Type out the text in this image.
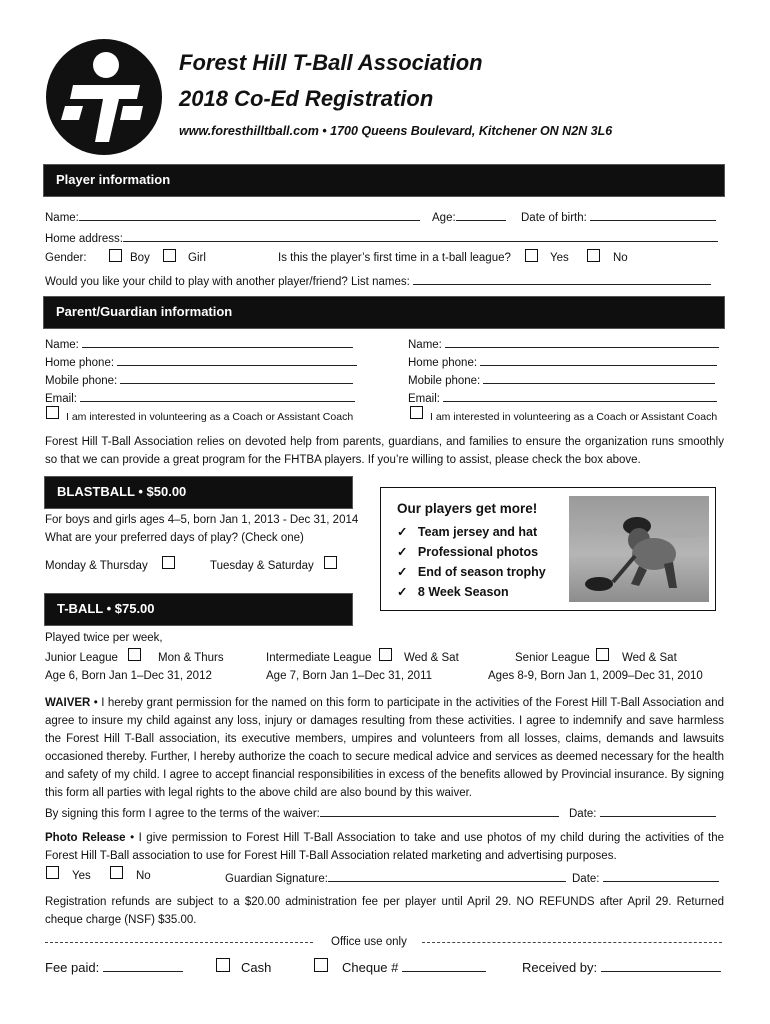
Forest Hill T-Ball Association
2018 Co-Ed Registration
www.foresthilltball.com • 1700 Queens Boulevard, Kitchener ON N2N 3L6
Player information
Name:	Age:	Date of birth:
Home address:
Gender:	Boy	Girl	Is this the player’s first time in a t-ball league?	Yes	No
Would you like your child to play with another player/friend? List names:
Parent/Guardian information
Name:
Home phone:
Mobile phone:
Email:
I am interested in volunteering as a Coach or Assistant Coach
Name:
Home phone:
Mobile phone:
Email:
I am interested in volunteering as a Coach or Assistant Coach
Forest Hill T-Ball Association relies on devoted help from parents, guardians, and families to ensure the organization runs smoothly so that we can provide a great program for the FHTBA players. If you’re willing to assist, please check the box above.
BLASTBALL • $50.00
For boys and girls ages 4–5, born Jan 1, 2013 - Dec 31, 2014
What are your preferred days of play? (Check one)
Monday & Thursday	Tuesday & Saturday
Our players get more!
✓ Team jersey and hat
✓ Professional photos
✓ End of season trophy
✓ 8 Week Season
T-BALL • $75.00
Played twice per week,
Junior League	Mon & Thurs
Age 6, Born Jan 1–Dec 31, 2012
Intermediate League	Wed & Sat
Age 7, Born Jan 1–Dec 31, 2011
Senior League	Wed & Sat
Ages 8-9, Born Jan 1, 2009–Dec 31, 2010

WAIVER • I hereby grant permission for the named on this form to participate in the activities of the Forest Hill T-Ball Association and agree to insure my child against any loss, injury or damages resulting from these activities. I agree to indemnify and save harmless the Forest Hill T-Ball association, its executive members, umpires and volunteers from all losses, claims, demands and lawsuits occasioned thereby. Further, I hereby authorize the coach to secure medical advice and services as deemed necessary for the health and safety of my child. I agree to accept financial responsibilities in excess of the benefits allowed by Provincial insurance. By signing this form all parties with legal rights to the above child are also bound by this waiver.

By signing this form I agree to the terms of the waiver:	Date:

Photo Release • I give permission to Forest Hill T-Ball Association to take and use photos of my child during the activities of the Forest Hill T-Ball association to use for Forest Hill T-Ball Association related marketing and advertising purposes.

Yes	No	Guardian Signature:	Date:
Registration refunds are subject to a $20.00 administration fee per player until April 29. NO REFUNDS after April 29. Returned cheque charge (NSF) $35.00.
Office use only
Fee paid:	Cash	Cheque #	Received by:
